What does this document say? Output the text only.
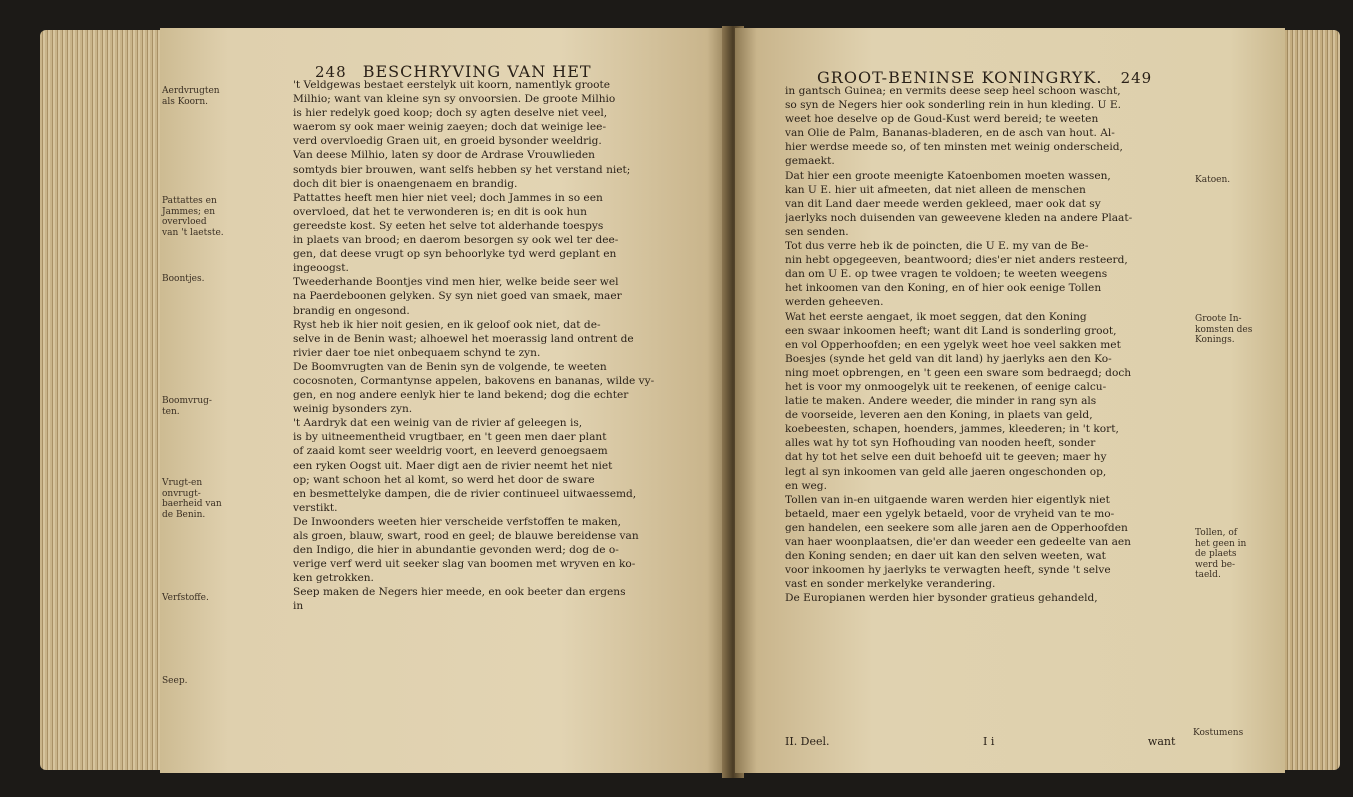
248 BESCHRYVING VAN HET

't Veldgewas bestaet eerstelyk uit koorn, namentlyk groote

Milhio; want van kleine syn sy onvoorsien. De groote Milhio

is hier redelyk goed koop; doch sy agten deselve niet veel,

waerom sy ook maer weinig zaeyen; doch dat weinige lee-

verd overvloedig Graen uit, en groeid bysonder weeldrig.

Van deese Milhio, laten sy door de Ardrase Vrouwlieden

somtyds bier brouwen, want selfs hebben sy het verstand niet;

doch dit bier is onaengenaem en brandig.

Pattattes heeft men hier niet veel; doch Jammes in so een

overvloed, dat het te verwonderen is; en dit is ook hun

gereedste kost. Sy eeten het selve tot alderhande toespys

in plaets van brood; en daerom besorgen sy ook wel ter dee-

gen, dat deese vrugt op syn behoorlyke tyd werd geplant en

ingeoogst.

Tweederhande Boontjes vind men hier, welke beide seer wel

na Paerdeboonen gelyken. Sy syn niet goed van smaek, maer

brandig en ongesond.

Ryst heb ik hier noit gesien, en ik geloof ook niet, dat de-

selve in de Benin wast; alhoewel het moerassig land ontrent de

rivier daer toe niet onbequaem schynd te zyn.

De Boomvrugten van de Benin syn de volgende, te weeten

cocosnoten, Cormantynse appelen, bakovens en bananas, wilde vy-

gen, en nog andere eenlyk hier te land bekend; dog die echter

weinig bysonders zyn.

't Aardryk dat een weinig van de rivier af geleegen is,

is by uitneementheid vrugtbaer, en 't geen men daer plant

of zaaid komt seer weeldrig voort, en leeverd genoegsaem

een ryken Oogst uit. Maer digt aen de rivier neemt het niet

op; want schoon het al komt, so werd het door de sware

en besmettelyke dampen, die de rivier continueel uitwaessemd,

verstikt.

De Inwoonders weeten hier verscheide verfstoffen te maken,

als groen, blauw, swart, rood en geel; de blauwe bereidense van

den Indigo, die hier in abundantie gevonden werd; dog de o-

verige verf werd uit seeker slag van boomen met wryven en ko-

ken getrokken.

Seep maken de Negers hier meede, en ook beeter dan ergens

in

Aerdvrugten
als Koorn.
Pattattes en
Jammes; en
overvloed
van 't laetste.
Boontjes.
Boomvrug-
ten.
Vrugt-en
onvrugt-
baerheid van
de Benin.
Verfstoffe.
Seep.
GROOT-BENINSE KONINGRYK. 249

in gantsch Guinea; en vermits deese seep heel schoon wascht,

so syn de Negers hier ook sonderling rein in hun kleding. U E.

weet hoe deselve op de Goud-Kust werd bereid; te weeten

van Olie de Palm, Bananas-bladeren, en de asch van hout. Al-

hier werdse meede so, of ten minsten met weinig onderscheid,

gemaekt.

Dat hier een groote meenigte Katoenbomen moeten wassen,

kan U E. hier uit afmeeten, dat niet alleen de menschen

van dit Land daer meede werden gekleed, maer ook dat sy

jaerlyks noch duisenden van geweevene kleden na andere Plaat-

sen senden.

Tot dus verre heb ik de poincten, die U E. my van de Be-

nin hebt opgegeeven, beantwoord; dies'er niet anders resteerd,

dan om U E. op twee vragen te voldoen; te weeten weegens

het inkoomen van den Koning, en of hier ook eenige Tollen

werden geheeven.

Wat het eerste aengaet, ik moet seggen, dat den Koning

een swaar inkoomen heeft; want dit Land is sonderling groot,

en vol Opperhoofden; en een ygelyk weet hoe veel sakken met

Boesjes (synde het geld van dit land) hy jaerlyks aen den Ko-

ning moet opbrengen, en 't geen een sware som bedraegd; doch

het is voor my onmoogelyk uit te reekenen, of eenige calcu-

latie te maken. Andere weeder, die minder in rang syn als

de voorseide, leveren aen den Koning, in plaets van geld,

koebeesten, schapen, hoenders, jammes, kleederen; in 't kort,

alles wat hy tot syn Hofhouding van nooden heeft, sonder

dat hy tot het selve een duit behoefd uit te geeven; maer hy

legt al syn inkoomen van geld alle jaeren ongeschonden op,

en weg.

Tollen van in-en uitgaende waren werden hier eigentlyk niet

betaeld, maer een ygelyk betaeld, voor de vryheid van te mo-

gen handelen, een seekere som alle jaren aen de Opperhoofden

van haer woonplaatsen, die'er dan weeder een gedeelte van aen

den Koning senden; en daer uit kan den selven weeten, wat

voor inkoomen hy jaerlyks te verwagten heeft, synde 't selve

vast en sonder merkelyke verandering.

De Europianen werden hier bysonder gratieus gehandeld,

Katoen.
Groote In-
komsten des
Konings.
Tollen, of
het geen in
de plaets
werd be-
taeld.
Kostumens
II. Deel.	I i	want
